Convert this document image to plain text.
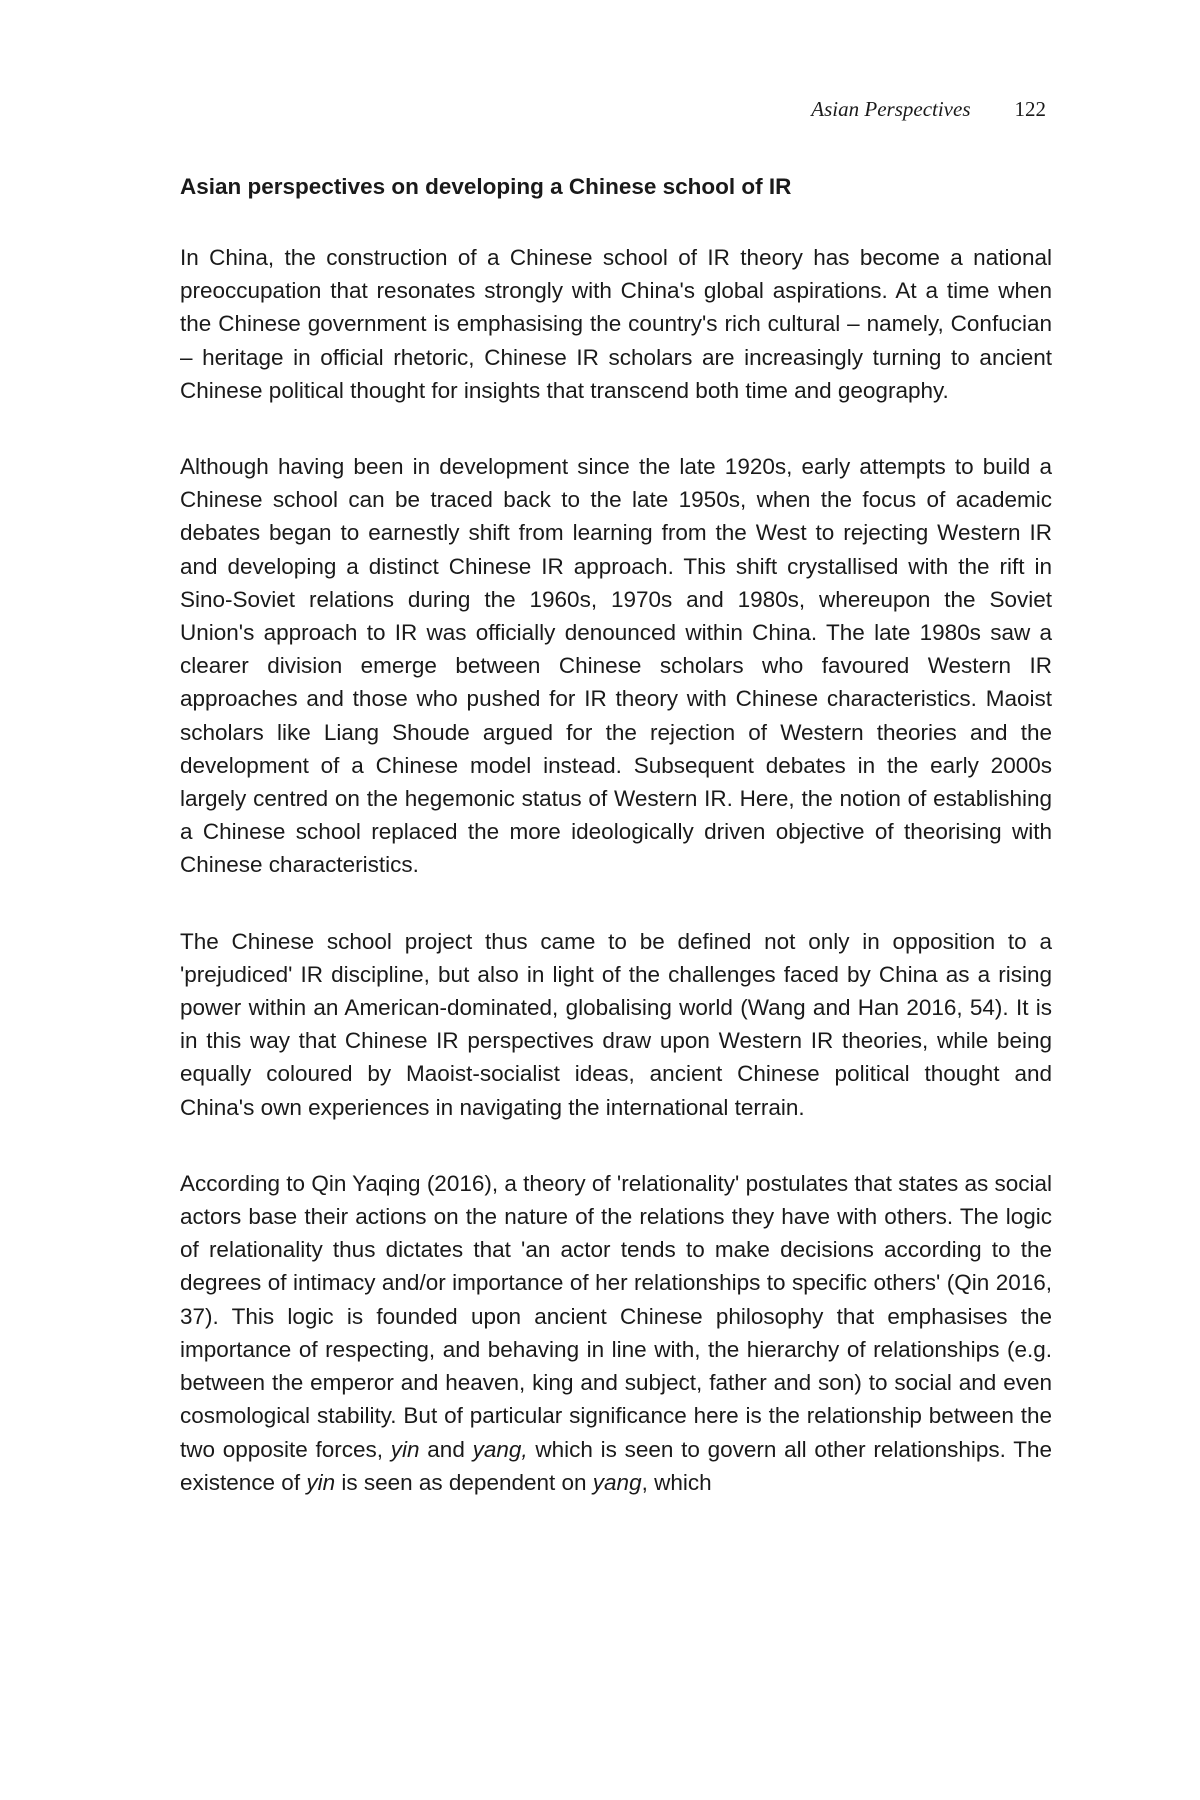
Asian Perspectives 122
Asian perspectives on developing a Chinese school of IR

In China, the construction of a Chinese school of IR theory has become a national preoccupation that resonates strongly with China's global aspirations. At a time when the Chinese government is emphasising the country's rich cultural – namely, Confucian – heritage in official rhetoric, Chinese IR scholars are increasingly turning to ancient Chinese political thought for insights that transcend both time and geography.

Although having been in development since the late 1920s, early attempts to build a Chinese school can be traced back to the late 1950s, when the focus of academic debates began to earnestly shift from learning from the West to rejecting Western IR and developing a distinct Chinese IR approach. This shift crystallised with the rift in Sino-Soviet relations during the 1960s, 1970s and 1980s, whereupon the Soviet Union's approach to IR was officially denounced within China. The late 1980s saw a clearer division emerge between Chinese scholars who favoured Western IR approaches and those who pushed for IR theory with Chinese characteristics. Maoist scholars like Liang Shoude argued for the rejection of Western theories and the development of a Chinese model instead. Subsequent debates in the early 2000s largely centred on the hegemonic status of Western IR. Here, the notion of establishing a Chinese school replaced the more ideologically driven objective of theorising with Chinese characteristics.

The Chinese school project thus came to be defined not only in opposition to a 'prejudiced' IR discipline, but also in light of the challenges faced by China as a rising power within an American-dominated, globalising world (Wang and Han 2016, 54). It is in this way that Chinese IR perspectives draw upon Western IR theories, while being equally coloured by Maoist-socialist ideas, ancient Chinese political thought and China's own experiences in navigating the international terrain.

According to Qin Yaqing (2016), a theory of 'relationality' postulates that states as social actors base their actions on the nature of the relations they have with others. The logic of relationality thus dictates that 'an actor tends to make decisions according to the degrees of intimacy and/or importance of her relationships to specific others' (Qin 2016, 37). This logic is founded upon ancient Chinese philosophy that emphasises the importance of respecting, and behaving in line with, the hierarchy of relationships (e.g. between the emperor and heaven, king and subject, father and son) to social and even cosmological stability. But of particular significance here is the relationship between the two opposite forces, yin and yang, which is seen to govern all other relationships. The existence of yin is seen as dependent on yang, which
